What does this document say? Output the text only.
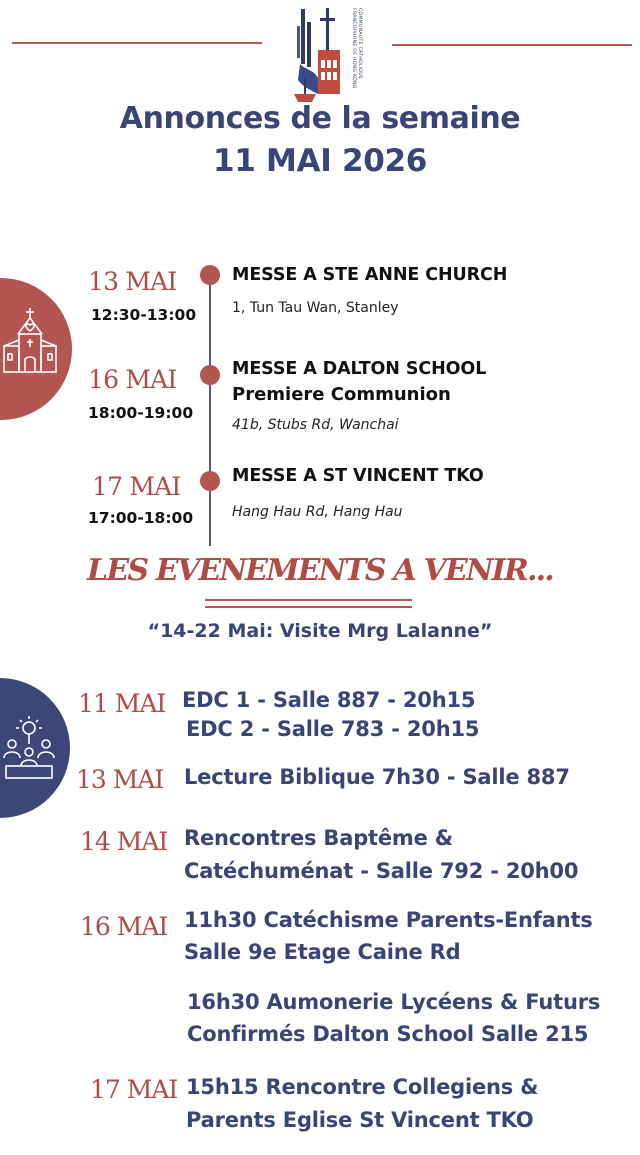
COMMUNAUTE CATHOLIQUE
FRANCOPHONE DE HONG KONG
Annonces de la semaine
11 MAI 2026
13 MAI
12:30-13:00
MESSE A STE ANNE CHURCH
1, Tun Tau Wan, Stanley
16 MAI
18:00-19:00
MESSE A DALTON SCHOOL
Premiere Communion
41b, Stubs Rd, Wanchai
17 MAI
17:00-18:00
MESSE A ST VINCENT TKO
Hang Hau Rd, Hang Hau
LES EVENEMENTS A VENIR...
“14-22 Mai: Visite Mrg Lalanne”
11 MAI EDC 1 - Salle 887 - 20h15
EDC 2 - Salle 783 - 20h15
13 MAI Lecture Biblique 7h30 - Salle 887
14 MAI Rencontres Baptême &
Catéchuménat - Salle 792 - 20h00
16 MAI 11h30 Catéchisme Parents-Enfants
Salle 9e Etage Caine Rd
16h30 Aumonerie Lycéens & Futurs
Confirmés Dalton School Salle 215
17 MAI 15h15 Rencontre Collegiens &
Parents Eglise St Vincent TKO
